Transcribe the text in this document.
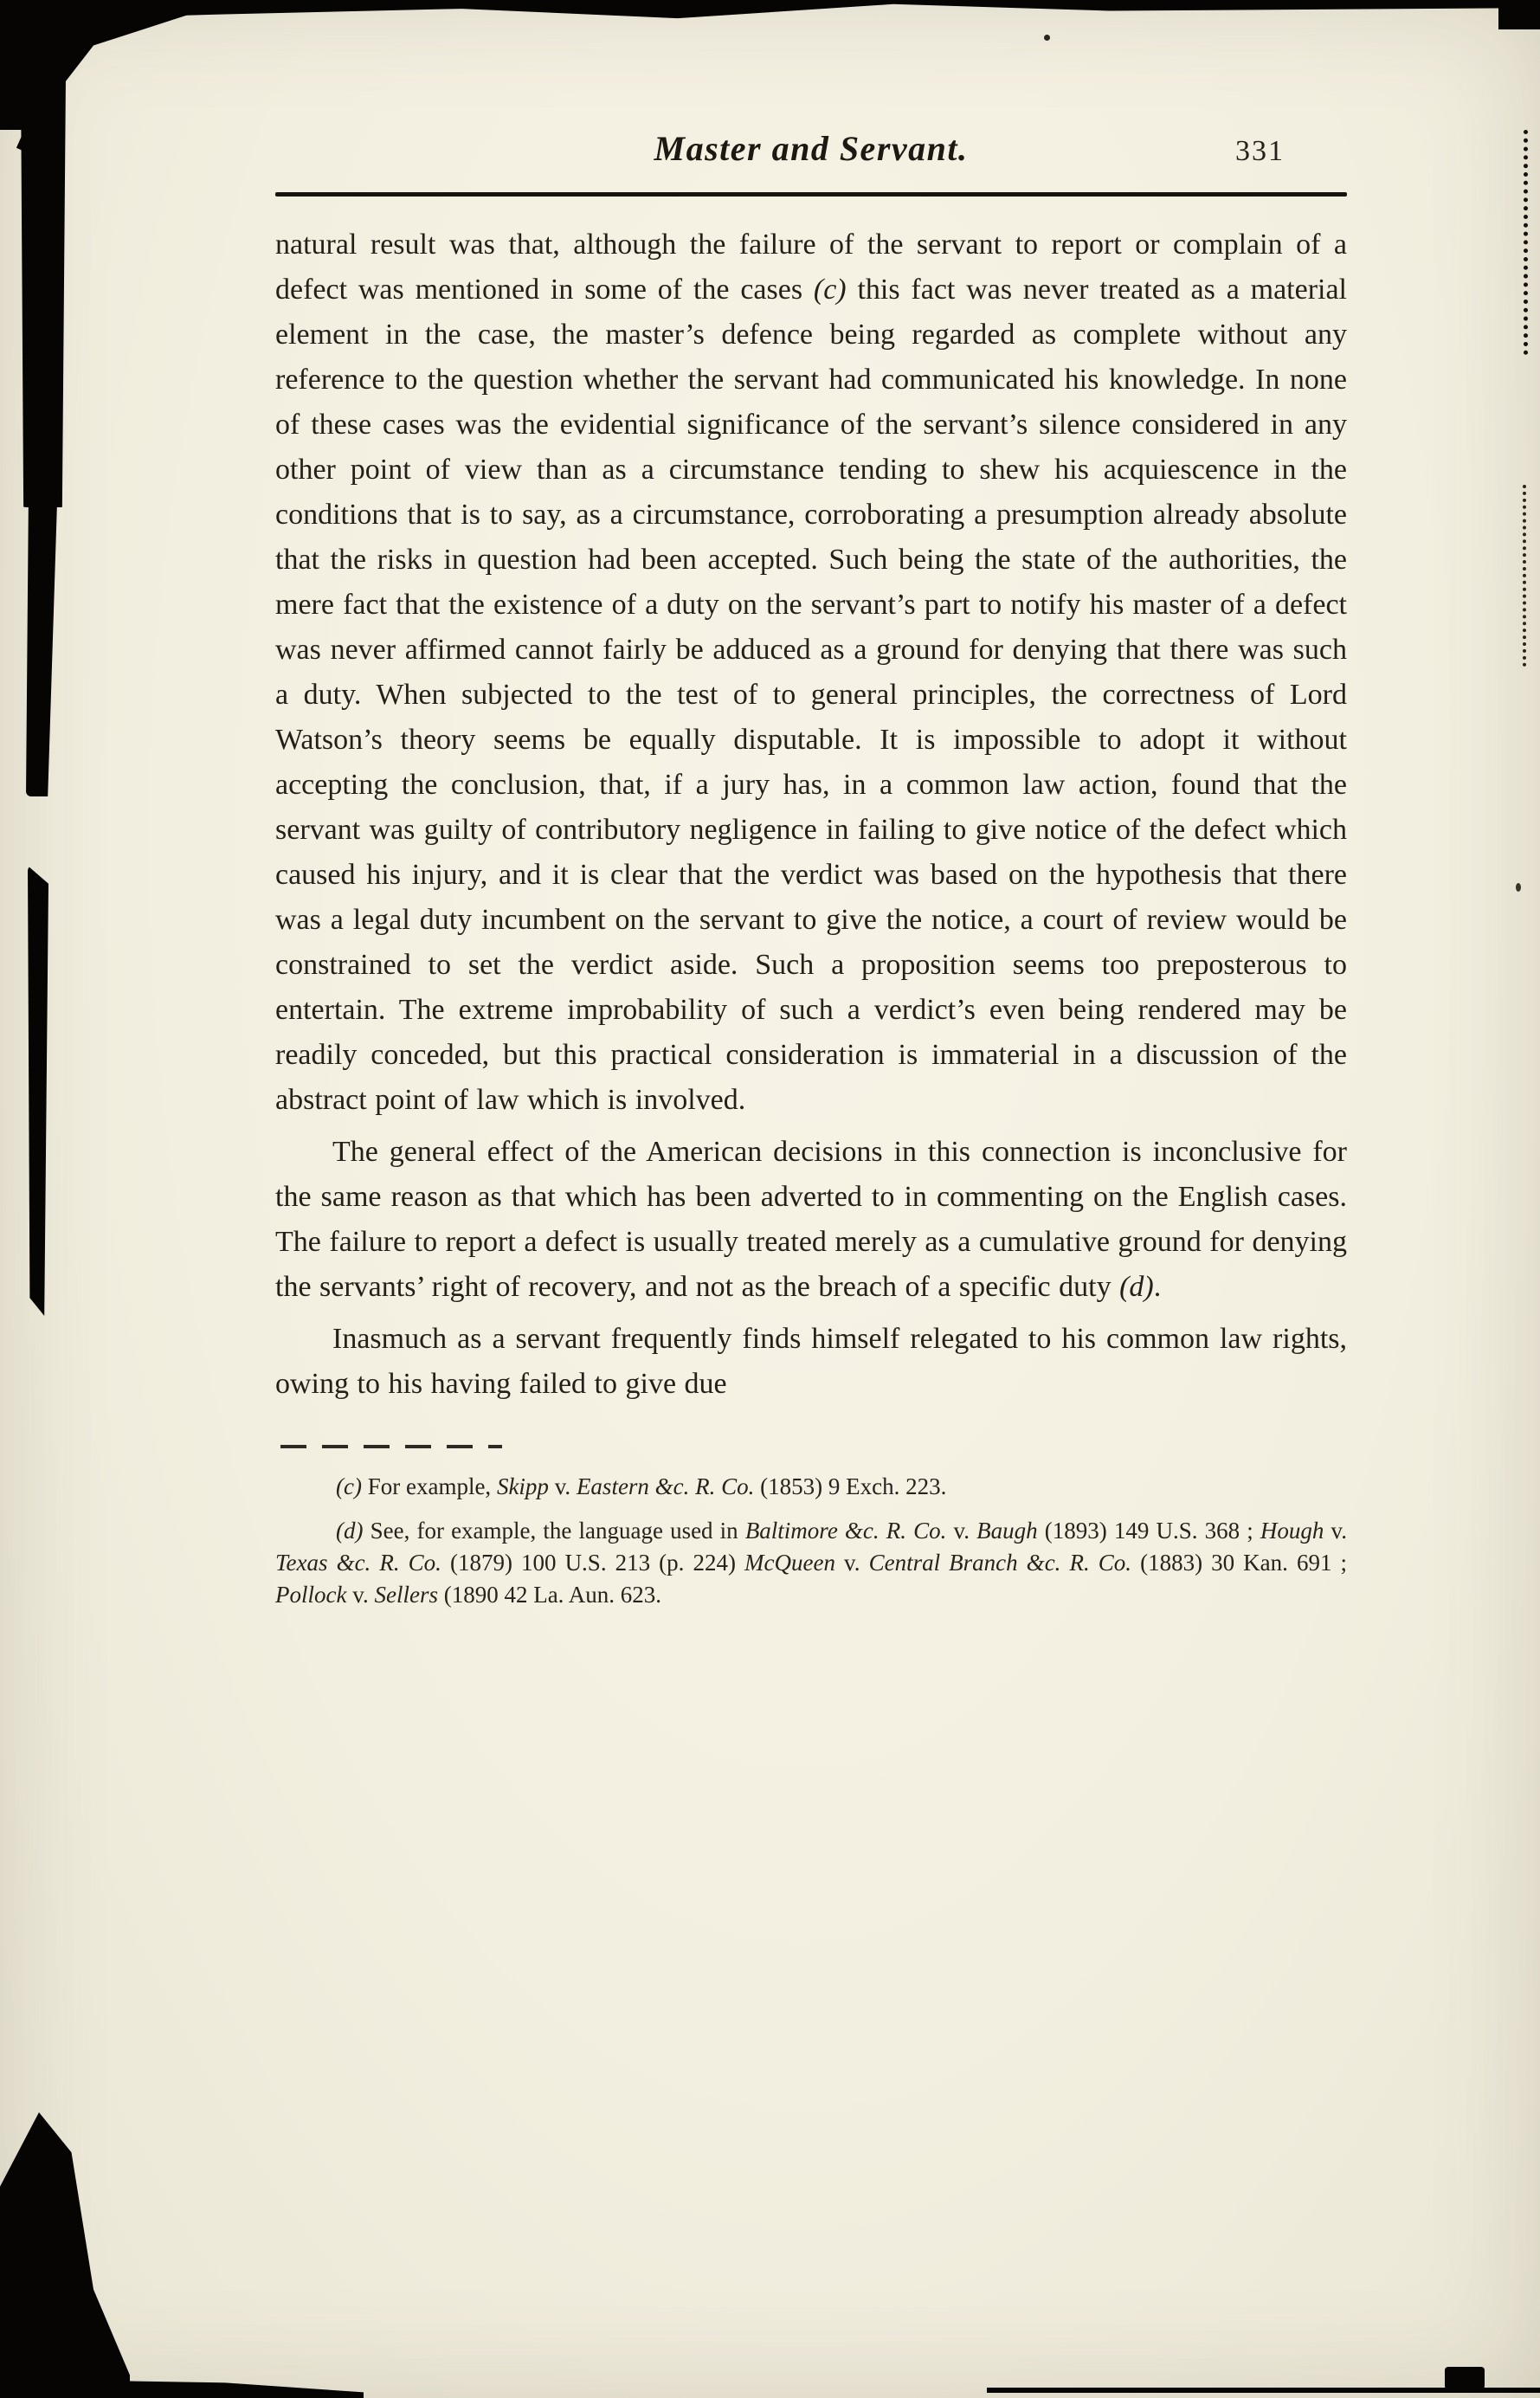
Master and Servant.	331

natural result was that, although the failure of the servant to report or complain of a defect was mentioned in some of the cases (c) this fact was never treated as a material element in the case, the master’s defence being regarded as complete without any reference to the question whether the servant had communicated his knowledge. In none of these cases was the evidential significance of the servant’s silence considered in any other point of view than as a circumstance tending to shew his acquiescence in the conditions that is to say, as a circumstance, corroborating a presumption already absolute that the risks in question had been accepted. Such being the state of the authorities, the mere fact that the existence of a duty on the servant’s part to notify his master of a defect was never affirmed cannot fairly be adduced as a ground for denying that there was such a duty. When subjected to the test of to general principles, the correctness of Lord Watson’s theory seems be equally disputable. It is impossible to adopt it without accepting the conclusion, that, if a jury has, in a common law action, found that the servant was guilty of contributory negligence in failing to give notice of the defect which caused his injury, and it is clear that the verdict was based on the hypothesis that there was a legal duty incumbent on the servant to give the notice, a court of review would be constrained to set the verdict aside. Such a proposition seems too preposterous to entertain. The extreme improbability of such a verdict’s even being rendered may be readily conceded, but this practical consideration is immaterial in a discussion of the abstract point of law which is involved.

The general effect of the American decisions in this connection is inconclusive for the same reason as that which has been adverted to in commenting on the English cases. The failure to report a defect is usually treated merely as a cumulative ground for denying the servants’ right of recovery, and not as the breach of a specific duty (d).

Inasmuch as a servant frequently finds himself relegated to his common law rights, owing to his having failed to give due

(c) For example, Skipp v. Eastern &c. R. Co. (1853) 9 Exch. 223.

(d) See, for example, the language used in Baltimore &c. R. Co. v. Baugh (1893) 149 U.S. 368 ; Hough v. Texas &c. R. Co. (1879) 100 U.S. 213 (p. 224) McQueen v. Central Branch &c. R. Co. (1883) 30 Kan. 691 ; Pollock v. Sellers (1890 42 La. Aun. 623.
